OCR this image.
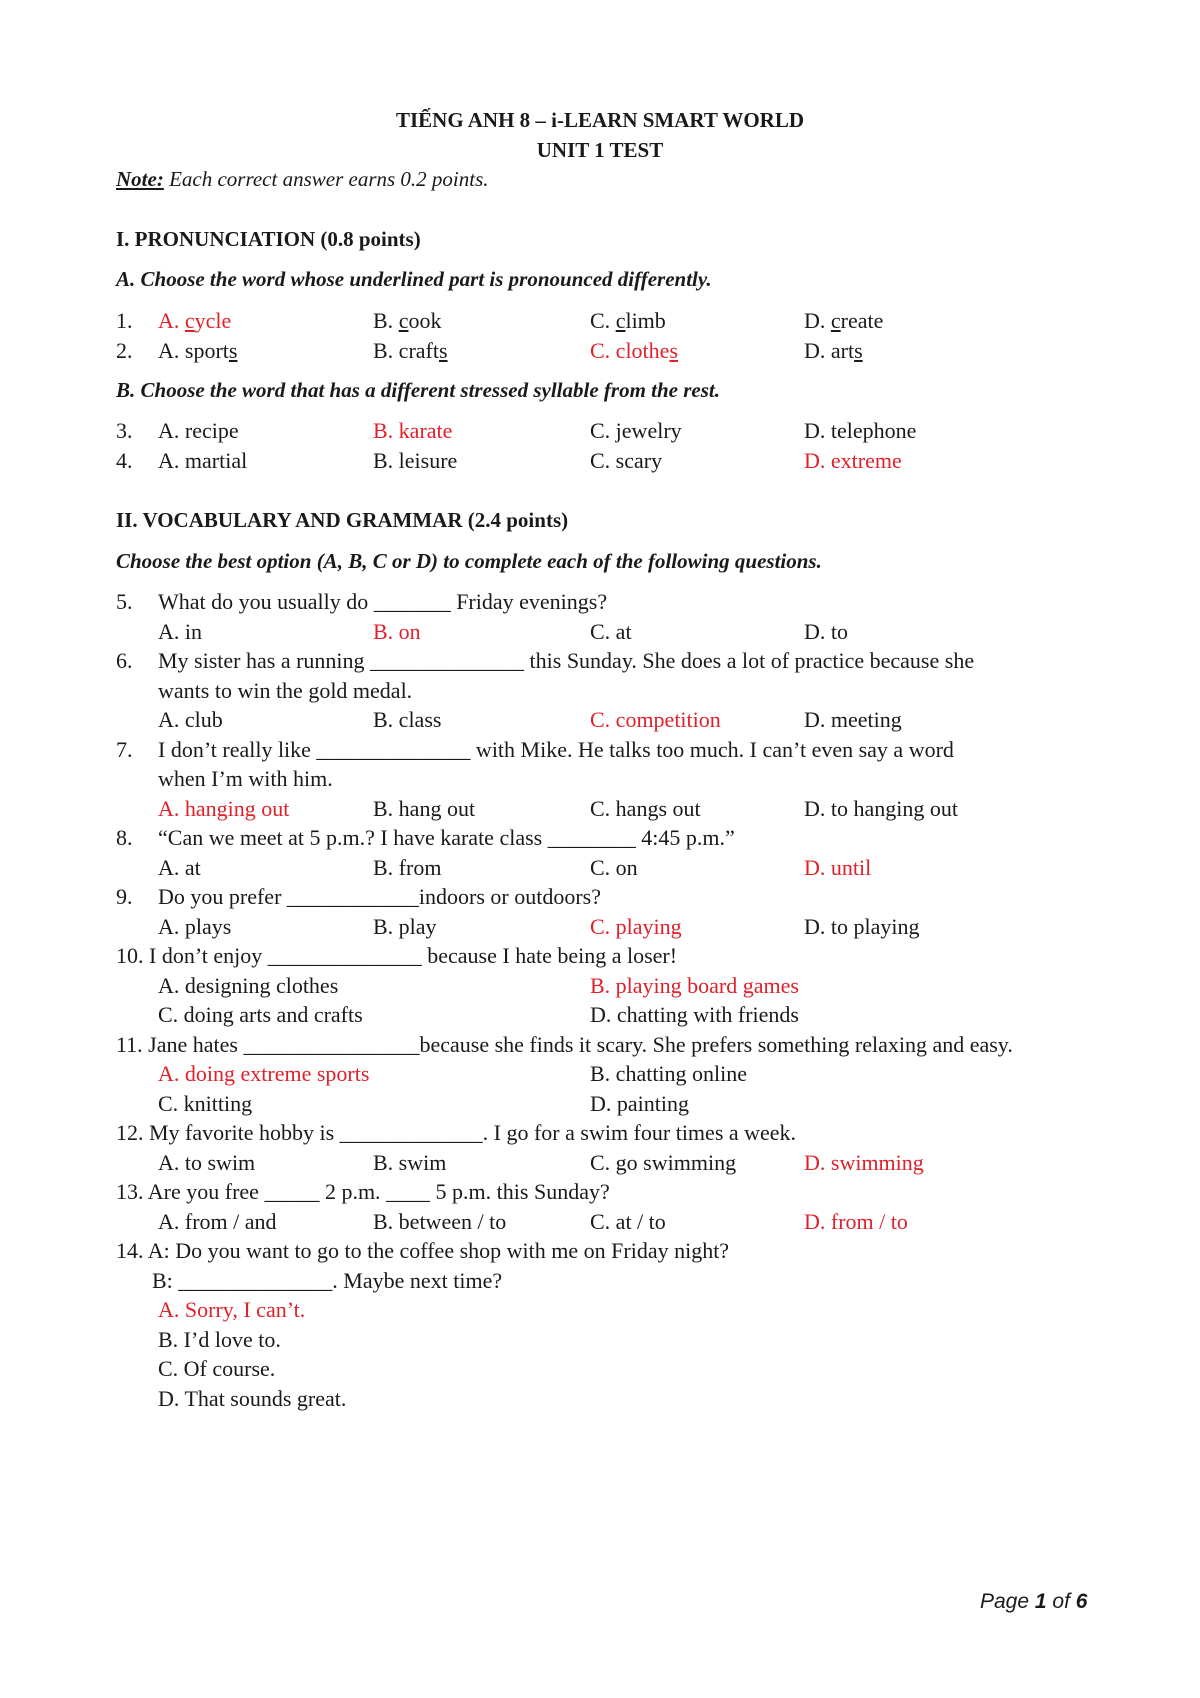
TIẾNG ANH 8 – i-LEARN SMART WORLD
UNIT 1 TEST
Note: Each correct answer earns 0.2 points.
I. PRONUNCIATION (0.8 points)
A. Choose the word whose underlined part is pronounced differently.
1. A. cycle	B. cook	C. climb	D. create
2. A. sports	B. crafts	C. clothes	D. arts
B. Choose the word that has a different stressed syllable from the rest.
3. A. recipe	B. karate	C. jewelry	D. telephone
4. A. martial	B. leisure	C. scary	D. extreme
II. VOCABULARY AND GRAMMAR (2.4 points)
Choose the best option (A, B, C or D) to complete each of the following questions.
5. What do you usually do _______ Friday evenings?
A. in	B. on	C. at	D. to
6. My sister has a running ______________ this Sunday. She does a lot of practice because she
wants to win the gold medal.
A. club	B. class	C. competition	D. meeting
7. I don’t really like ______________ with Mike. He talks too much. I can’t even say a word
when I’m with him.
A. hanging out	B. hang out	C. hangs out	D. to hanging out
8. “Can we meet at 5 p.m.? I have karate class ________ 4:45 p.m.”
A. at	B. from	C. on	D. until
9. Do you prefer ____________indoors or outdoors?
A. plays	B. play	C. playing	D. to playing
10. I don’t enjoy ______________ because I hate being a loser!
A. designing clothes	B. playing board games
C. doing arts and crafts	D. chatting with friends
11. Jane hates ________________because she finds it scary. She prefers something relaxing and easy.
A. doing extreme sports	B. chatting online
C. knitting	D. painting
12. My favorite hobby is _____________. I go for a swim four times a week.
A. to swim	B. swim	C. go swimming	D. swimming
13. Are you free _____ 2 p.m. ____ 5 p.m. this Sunday?
A. from / and	B. between / to	C. at / to	D. from / to
14. A: Do you want to go to the coffee shop with me on Friday night?
B: ______________. Maybe next time?
A. Sorry, I can’t.
B. I’d love to.
C. Of course.
D. That sounds great.
Page 1 of 6
